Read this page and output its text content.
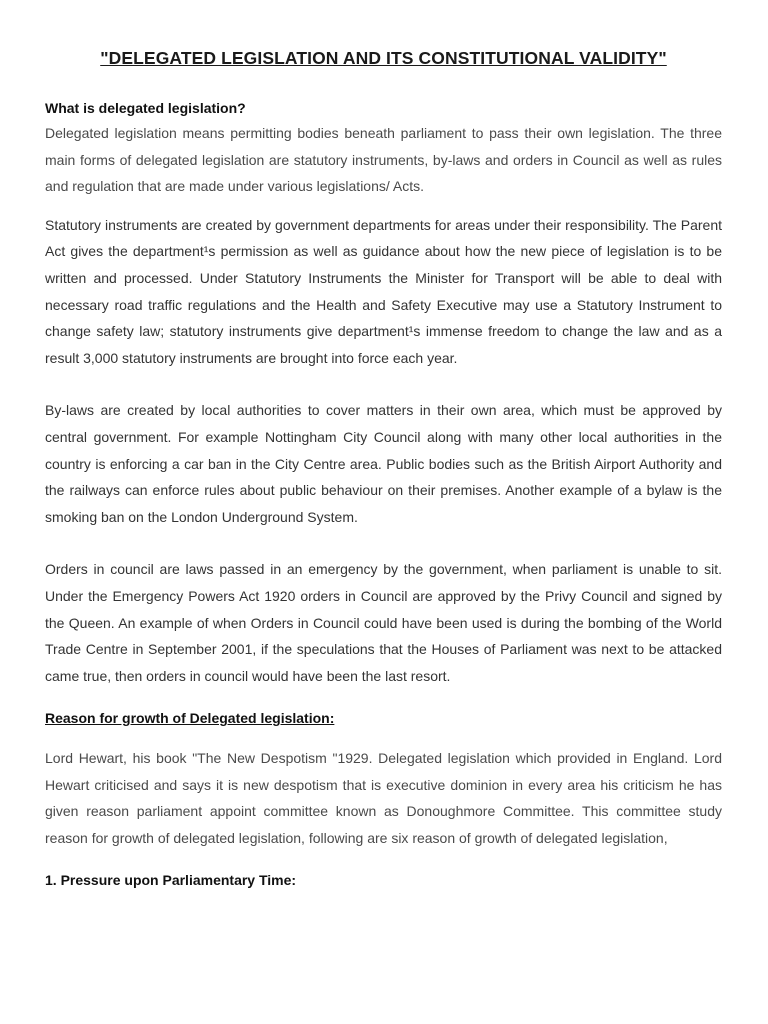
"DELEGATED LEGISLATION AND ITS CONSTITUTIONAL VALIDITY"
What is delegated legislation?

Delegated legislation means permitting bodies beneath parliament to pass their own legislation. The three main forms of delegated legislation are statutory instruments, by-laws and orders in Council as well as rules and regulation that are made under various legislations/ Acts.

Statutory instruments are created by government departments for areas under their responsibility. The Parent Act gives the department¹s permission as well as guidance about how the new piece of legislation is to be written and processed. Under Statutory Instruments the Minister for Transport will be able to deal with necessary road traffic regulations and the Health and Safety Executive may use a Statutory Instrument to change safety law; statutory instruments give department¹s immense freedom to change the law and as a result 3,000 statutory instruments are brought into force each year.

By-laws are created by local authorities to cover matters in their own area, which must be approved by central government. For example Nottingham City Council along with many other local authorities in the country is enforcing a car ban in the City Centre area. Public bodies such as the British Airport Authority and the railways can enforce rules about public behaviour on their premises. Another example of a bylaw is the smoking ban on the London Underground System.

Orders in council are laws passed in an emergency by the government, when parliament is unable to sit. Under the Emergency Powers Act 1920 orders in Council are approved by the Privy Council and signed by the Queen. An example of when Orders in Council could have been used is during the bombing of the World Trade Centre in September 2001, if the speculations that the Houses of Parliament was next to be attacked came true, then orders in council would have been the last resort.

Reason for growth of Delegated legislation:

Lord Hewart, his book "The New Despotism "1929. Delegated legislation which provided in England. Lord Hewart criticised and says it is new despotism that is executive dominion in every area his criticism he has given reason parliament appoint committee known as Donoughmore Committee. This committee study reason for growth of delegated legislation, following are six reason of growth of delegated legislation,

1. Pressure upon Parliamentary Time:
